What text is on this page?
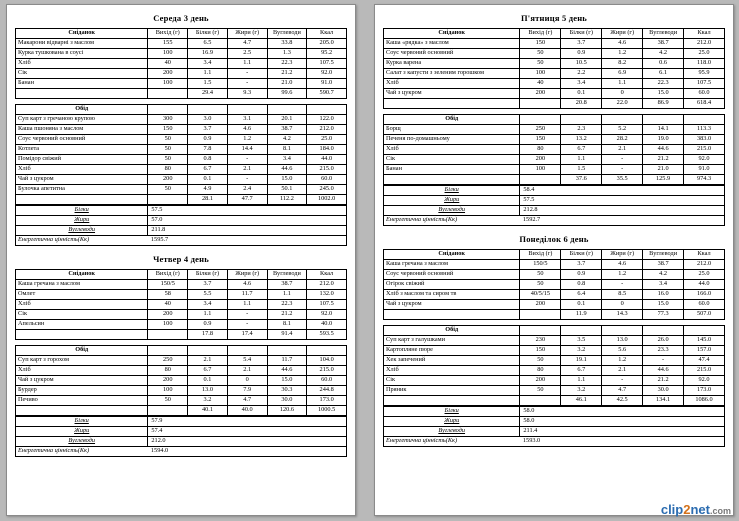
Середа 3 день
Сніданок	Вихід (г)	Білки (г)	Жири (г)	Вуглеводи	Ккал
Макарони відварні з маслом	155	6.5	4.7	33.8	205.0
Курка тушкована в соусі	100	16.9	2.5	1.3	95.2
Хліб	40	3.4	1.1	22.3	107.5
Сік	200	1.1	-	21.2	92.0
Банан	100	1.5	-	21.0	91.0
		29.4	9.3	99.6	590.7
Обід					
Суп карт з гречаною крупою	300	3.0	3.1	20.1	122.0
Каша пшоняна з маслом	150	3.7	4.6	38.7	212.0
Соус червоний основний	50	0.9	1.2	4.2	25.0
Котлета	50	7.8	14.4	8.1	184.0
Помідор свіжий	50	0.8	-	3.4	44.0
Хліб	80	6.7	2.1	44.6	215.0
Чай з цукром	200	0.1	-	15.0	60.0
Булочка апетитна	50	4.9	2.4	50.1	245.0
		28.1	47.7	112.2	1002.0
Білки	57.5
Жири	57.0
Вуглеводи	211.8
Енергетична цінність(Кк)	1595.7
Четвер 4 день
Сніданок	Вихід (г)	Білки (г)	Жири (г)	Вуглеводи	Ккал
Каша гречана з маслом	150/5	3.7	4.6	38.7	212.0
Омлет	58	5.5	11.7	1.1	132.0
Хліб	40	3.4	1.1	22.3	107.5
Сік	200	1.1	-	21.2	92.0
Апельсин	100	0.9	-	8.1	40.0
		17.8	17.4	91.4	593.5
Обід					
Суп карт з горохом	250	2.1	5.4	11.7	104.0
Хліб	80	6.7	2.1	44.6	215.0
Чай з цукром	200	0.1	0	15.0	60.0
Бурдер	100	13.0	7.9	30.3	244.8
Печиво	50	3.2	4.7	30.0	173.0
		40.1	40.0	120.6	1000.5
Білки	57.9
Жири	57.4
Вуглеводи	212.0
Енергетична цінність(Кк)	1594.0
П'ятниця 5 день
Сніданок	Вихід (г)	Білки (г)	Жири (г)	Вуглеводи	Ккал
Каша «рядка» з маслом	150	3.7	4.6	38.7	212.0
Соус червоний основний	50	0.9	1.2	4.2	25.0
Курка варена	50	10.5	8.2	0.6	118.0
Салат з капусти з зеленим горошком	100	2.2	6.9	6.1	95.9
Хліб	40	3.4	1.1	22.3	107.5
Чай з цукром	200	0.1	0	15.0	60.0
		20.8	22.0	86.9	618.4
Обід					
Борщ	250	2.3	5.2	14.1	113.3
Печеня по-домашньому	150	13.2	28.2	19.0	383.0
Хліб	80	6.7	2.1	44.6	215.0
Сік	200	1.1	-	21.2	92.0
Банан	100	1.5	-	21.0	91.0
		37.6	35.5	125.9	974.3
Білки	58.4
Жири	57.5
Вуглеводи	212.8
Енергетична цінність(Кк)	1592.7
Понеділок 6 день
Сніданок	Вихід (г)	Білки (г)	Жири (г)	Вуглеводи	Ккал
Каша гречана з маслом	150/5	3.7	4.6	38.7	212.0
Соус червоний основний	50	0.9	1.2	4.2	25.0
Огірок свіжий	50	0.8	-	3.4	44.0
Хліб з маслом та сиром тв	40/5/15	6.4	8.5	16.0	166.0
Чай з цукром	200	0.1	0	15.0	60.0
		11.9	14.3	77.3	507.0
Обід					
Суп карт з галушками	230	3.5	13.0	26.0	145.0
Картопляне пюре	150	3.2	5.6	23.3	157.0
Хек запечений	50	19.1	1.2	-	47.4
Хліб	80	6.7	2.1	44.6	215.0
Сік	200	1.1	-	21.2	92.0
Пряник	50	3.2	4.7	30.0	173.0
		46.1	42.5	134.1	1086.0
Білки	58.0
Жири	58.0
Вуглеводи	211.4
Енергетична цінність(Кк)	1593.0
clip2net.com
